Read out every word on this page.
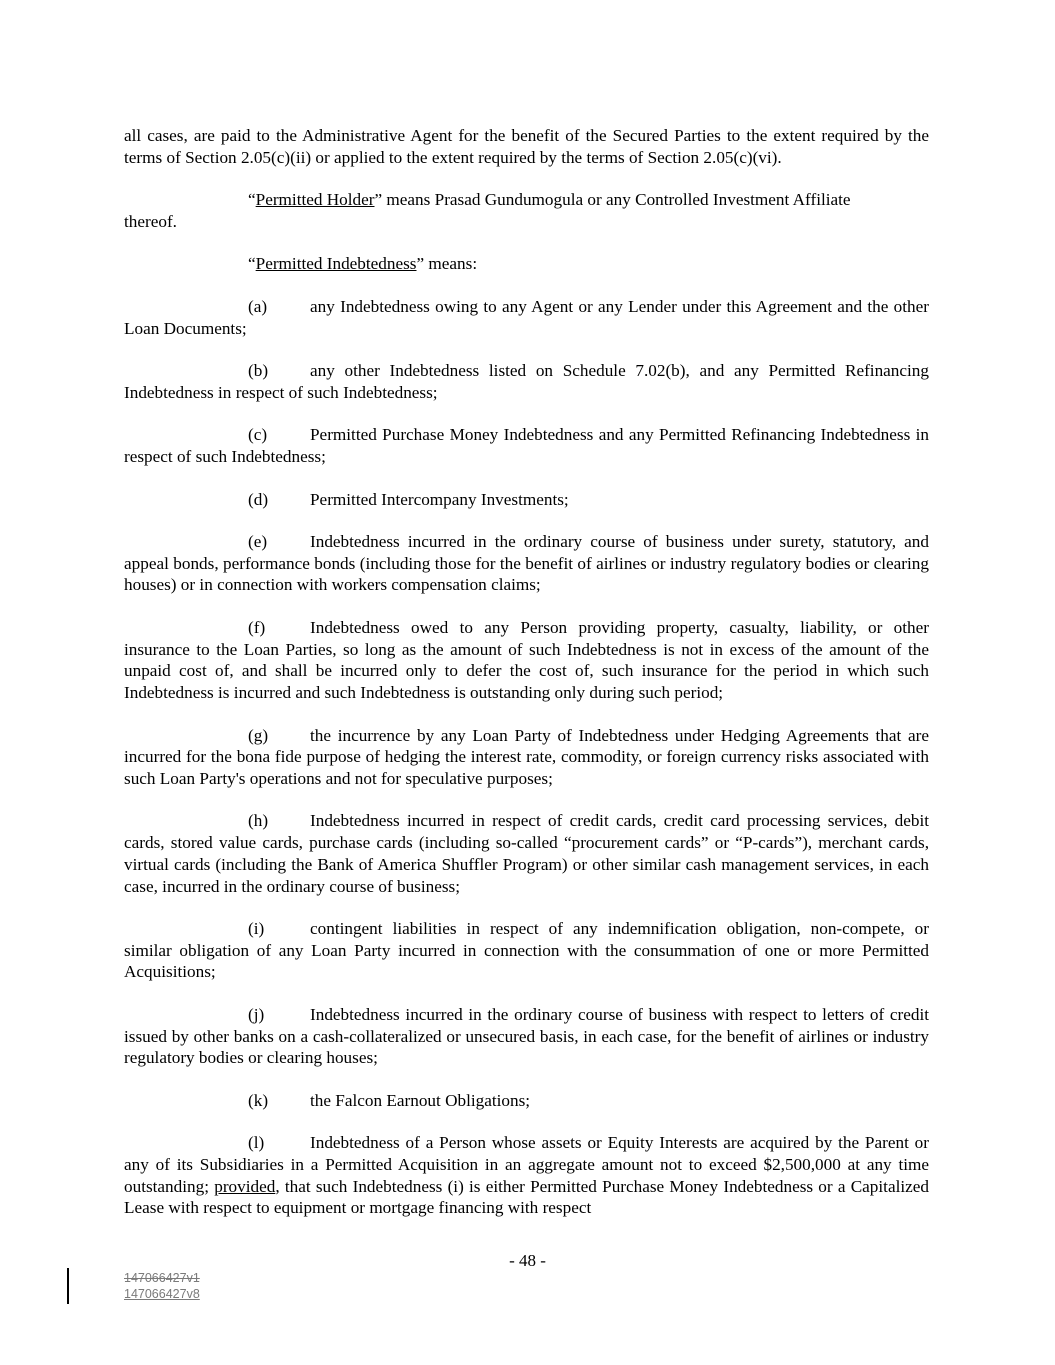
all cases, are paid to the Administrative Agent for the benefit of the Secured Parties to the extent required by the terms of Section 2.05(c)(ii) or applied to the extent required by the terms of Section 2.05(c)(vi).

“Permitted Holder” means Prasad Gundumogula or any Controlled Investment Affiliate
thereof.

“Permitted Indebtedness” means:

(a) any Indebtedness owing to any Agent or any Lender under this Agreement and the other Loan Documents;

(b) any other Indebtedness listed on Schedule 7.02(b), and any Permitted Refinancing Indebtedness in respect of such Indebtedness;

(c) Permitted Purchase Money Indebtedness and any Permitted Refinancing Indebtedness in respect of such Indebtedness;

(d) Permitted Intercompany Investments;

(e) Indebtedness incurred in the ordinary course of business under surety, statutory, and appeal bonds, performance bonds (including those for the benefit of airlines or industry regulatory bodies or clearing houses) or in connection with workers compensation claims;

(f)	Indebtedness owed to any Person providing property, casualty, liability, or other insurance to the Loan Parties, so long as the amount of such Indebtedness is not in excess of the amount of the unpaid cost of, and shall be incurred only to defer the cost of, such insurance for the period in which such Indebtedness is incurred and such Indebtedness is outstanding only during such period;

(g) the incurrence by any Loan Party of Indebtedness under Hedging Agreements that are incurred for the bona fide purpose of hedging the interest rate, commodity, or foreign currency risks associated with such Loan Party's operations and not for speculative purposes;

(h) Indebtedness incurred in respect of credit cards, credit card processing services, debit cards, stored value cards, purchase cards (including so-called “procurement cards” or “P-cards”), merchant cards, virtual cards (including the Bank of America Shuffler Program) or other similar cash management services, in each case, incurred in the ordinary course of business;

(i)	contingent liabilities in respect of any indemnification obligation, non-compete, or similar obligation of any Loan Party incurred in connection with the consummation of one or more Permitted Acquisitions;

(j)	Indebtedness incurred in the ordinary course of business with respect to letters of credit issued by other banks on a cash-collateralized or unsecured basis, in each case, for the benefit of airlines or industry regulatory bodies or clearing houses;

(k) the Falcon Earnout Obligations;

(l)	Indebtedness of a Person whose assets or Equity Interests are acquired by the Parent or any of its Subsidiaries in a Permitted Acquisition in an aggregate amount not to exceed $2,500,000 at any time outstanding; provided, that such Indebtedness (i) is either Permitted Purchase Money Indebtedness or a Capitalized Lease with respect to equipment or mortgage financing with respect

- 48 -
147066427v1
147066427v8
